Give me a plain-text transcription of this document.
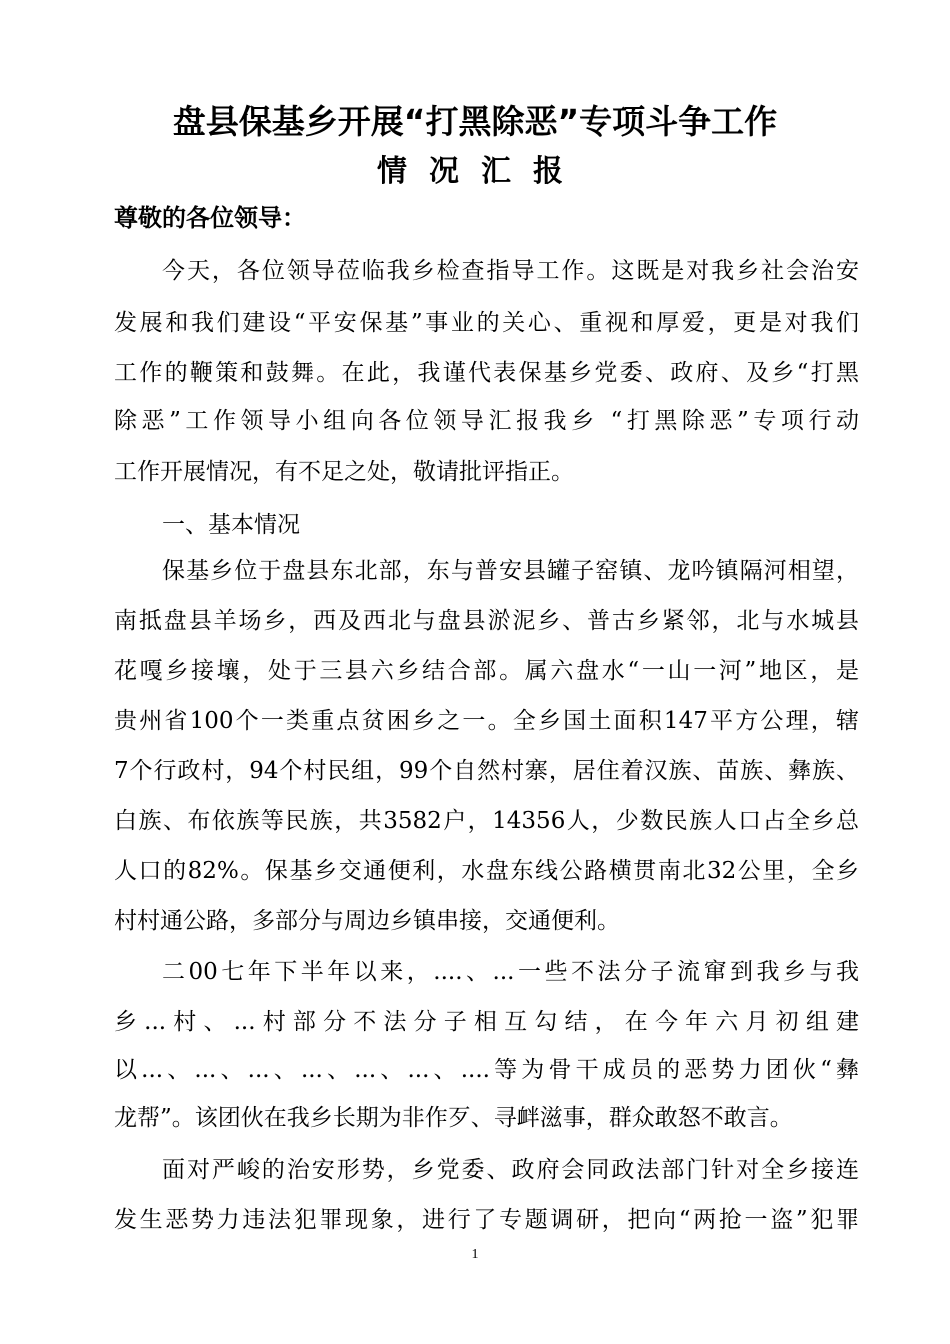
盘县保基乡开展“打黑除恶”专项斗争工作
情况汇报
尊敬的各位领导：
今天，各位领导莅临我乡检查指导工作。这既是对我乡社会治安
发展和我们建设“平安保基”事业的关心、重视和厚爱，更是对我们
工作的鞭策和鼓舞。在此，我谨代表保基乡党委、政府、及乡“打黑
除恶”工作领导小组向各位领导汇报我乡 “打黑除恶”专项行动
工作开展情况，有不足之处，敬请批评指正。
一、基本情况
保基乡位于盘县东北部，东与普安县罐子窑镇、龙吟镇隔河相望，
南抵盘县羊场乡，西及西北与盘县淤泥乡、普古乡紧邻，北与水城县
花嘎乡接壤，处于三县六乡结合部。属六盘水“一山一河”地区，是
贵州省100个一类重点贫困乡之一。全乡国土面积147平方公理，辖
7个行政村，94个村民组，99个自然村寨，居住着汉族、苗族、彝族、
白族、布依族等民族，共3582户，14356人，少数民族人口占全乡总
人口的82%。保基乡交通便利，水盘东线公路横贯南北32公里，全乡
村村通公路，多部分与周边乡镇串接，交通便利。
二00七年下半年以来，....、...一些不法分子流窜到我乡与我
乡...村、...村部分不法分子相互勾结，在今年六月初组建
以...、...、...、...、...、...、....等为骨干成员的恶势力团伙“彝
龙帮”。该团伙在我乡长期为非作歹、寻衅滋事，群众敢怒不敢言。
面对严峻的治安形势，乡党委、政府会同政法部门针对全乡接连
发生恶势力违法犯罪现象，进行了专题调研，把向“两抢一盗”犯罪
1
